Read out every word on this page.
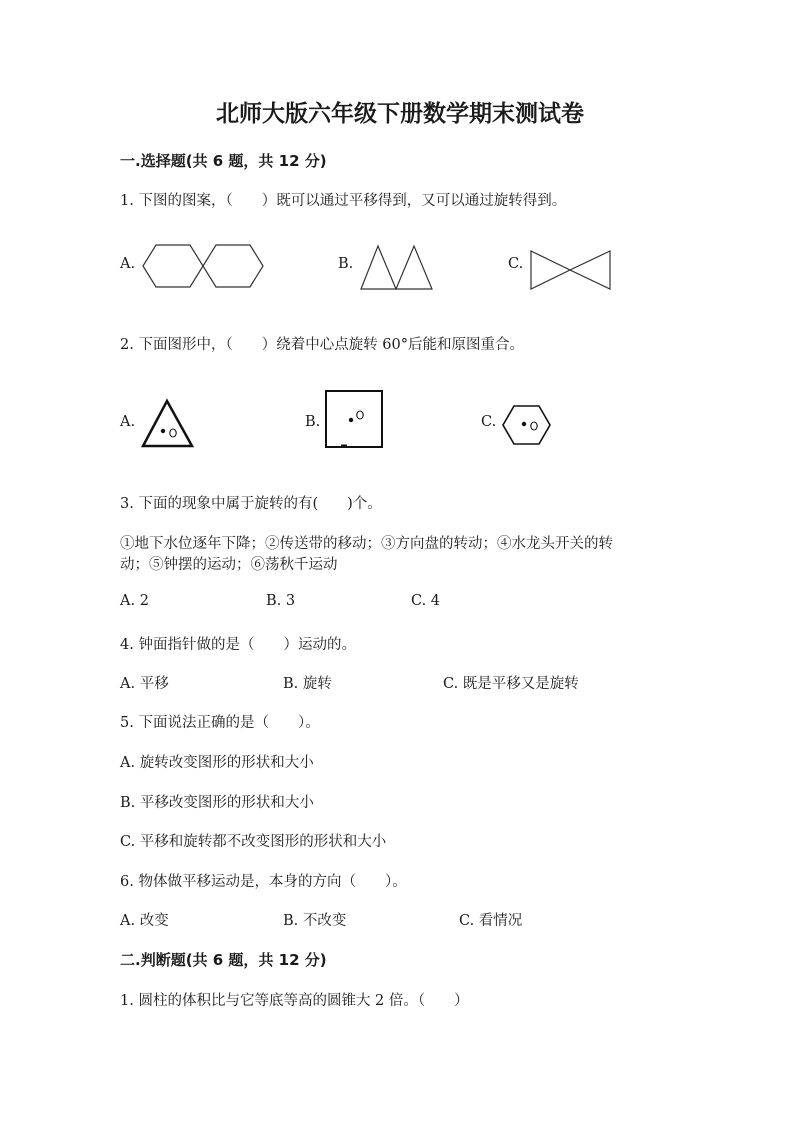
北师大版六年级下册数学期末测试卷
一.选择题(共 6 题，共 12 分)
1. 下图的图案，（　　）既可以通过平移得到，又可以通过旋转得到。
A.	B.	C.
2. 下面图形中，（　　）绕着中心点旋转 60°后能和原图重合。
A.	B.	C.
3. 下面的现象中属于旋转的有(　　)个。
①地下水位逐年下降；②传送带的移动；③方向盘的转动；④水龙头开关的转
动；⑤钟摆的运动；⑥荡秋千运动
A. 2	B. 3	C. 4
4. 钟面指针做的是（　　）运动的。
A. 平移	B. 旋转	C. 既是平移又是旋转
5. 下面说法正确的是（　　）。
A. 旋转改变图形的形状和大小
B. 平移改变图形的形状和大小
C. 平移和旋转都不改变图形的形状和大小
6. 物体做平移运动是，本身的方向（　　）。
A. 改变	B. 不改变	C. 看情况
二.判断题(共 6 题，共 12 分)
1. 圆柱的体积比与它等底等高的圆锥大 2 倍。（　　）
